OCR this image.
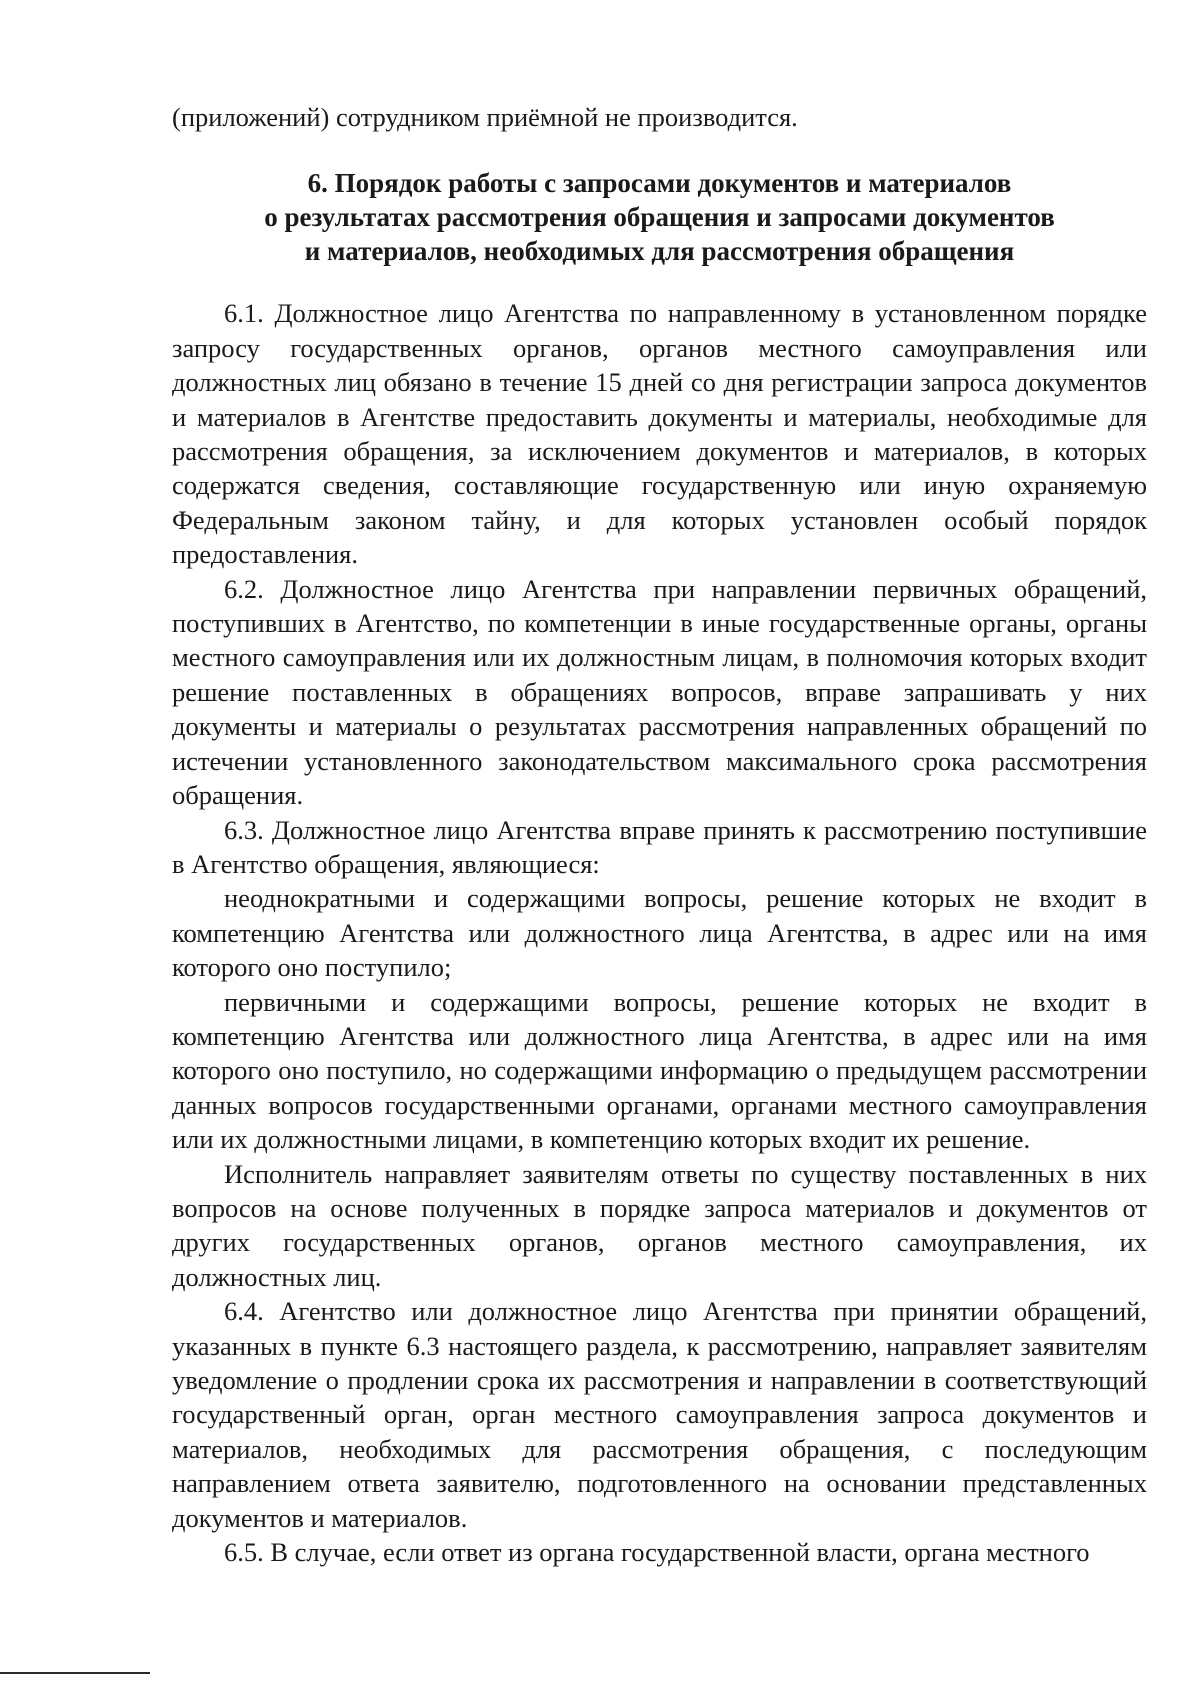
(приложений) сотрудником приёмной не производится.

6. Порядок работы с запросами документов и материалов
о результатах рассмотрения обращения и запросами документов
и материалов, необходимых для рассмотрения обращения

6.1. Должностное лицо Агентства по направленному в установленном порядке запросу государственных органов, органов местного самоуправления или должностных лиц обязано в течение 15 дней со дня регистрации запроса документов и материалов в Агентстве предоставить документы и материалы, необходимые для рассмотрения обращения, за исключением документов и материалов, в которых содержатся сведения, составляющие государственную или иную охраняемую Федеральным законом тайну, и для которых установлен особый порядок предоставления.

6.2. Должностное лицо Агентства при направлении первичных обращений, поступивших в Агентство, по компетенции в иные государственные органы, органы местного самоуправления или их должностным лицам, в полномочия которых входит решение поставленных в обращениях вопросов, вправе запрашивать у них документы и материалы о результатах рассмотрения направленных обращений по истечении установленного законодательством максимального срока рассмотрения обращения.

6.3. Должностное лицо Агентства вправе принять к рассмотрению поступившие в Агентство обращения, являющиеся:

неоднократными и содержащими вопросы, решение которых не входит в компетенцию Агентства или должностного лица Агентства, в адрес или на имя которого оно поступило;

первичными и содержащими вопросы, решение которых не входит в компетенцию Агентства или должностного лица Агентства, в адрес или на имя которого оно поступило, но содержащими информацию о предыдущем рассмотрении данных вопросов государственными органами, органами местного самоуправления или их должностными лицами, в компетенцию которых входит их решение.

Исполнитель направляет заявителям ответы по существу поставленных в них вопросов на основе полученных в порядке запроса материалов и документов от других государственных органов, органов местного самоуправления, их должностных лиц.

6.4. Агентство или должностное лицо Агентства при принятии обращений, указанных в пункте 6.3 настоящего раздела, к рассмотрению, направляет заявителям уведомление о продлении срока их рассмотрения и направлении в соответствующий государственный орган, орган местного самоуправления запроса документов и материалов, необходимых для рассмотрения обращения, с последующим направлением ответа заявителю, подготовленного на основании представленных документов и материалов.

6.5. В случае, если ответ из органа государственной власти, органа местного
